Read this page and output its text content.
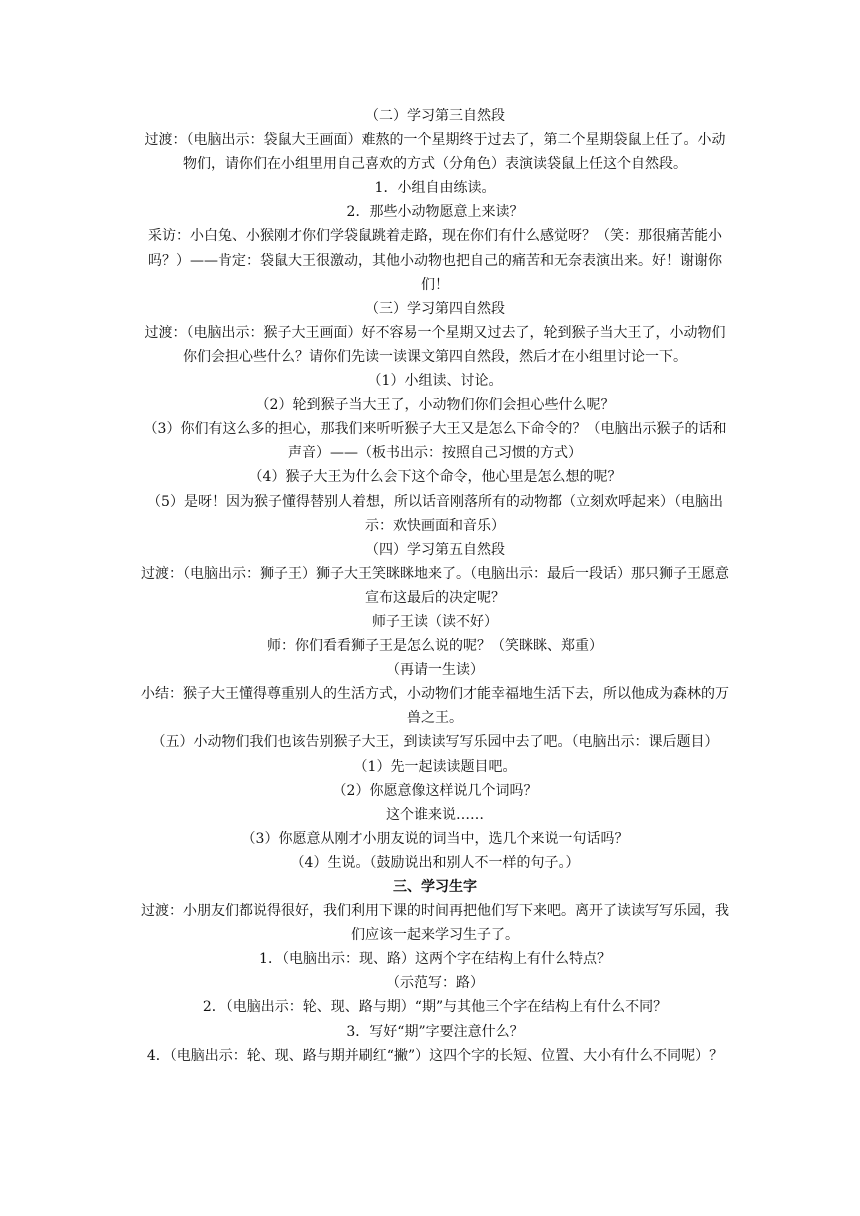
（二）学习第三自然段

过渡：（电脑出示：袋鼠大王画面）难熬的一个星期终于过去了，第二个星期袋鼠上任了。小动物们，请你们在小组里用自己喜欢的方式（分角色）表演读袋鼠上任这个自然段。

1．小组自由练读。

2．那些小动物愿意上来读？

采访：小白兔、小猴刚才你们学袋鼠跳着走路，现在你们有什么感觉呀？（笑：那很痛苦能小吗？）——肯定：袋鼠大王很激动，其他小动物也把自己的痛苦和无奈表演出来。好！谢谢你们！

（三）学习第四自然段

过渡：（电脑出示：猴子大王画面）好不容易一个星期又过去了，轮到猴子当大王了，小动物们你们会担心些什么？请你们先读一读课文第四自然段，然后才在小组里讨论一下。

（1）小组读、讨论。

（2）轮到猴子当大王了，小动物们你们会担心些什么呢？

（3）你们有这么多的担心，那我们来听听猴子大王又是怎么下命令的？（电脑出示猴子的话和声音）——（板书出示：按照自己习惯的方式）

（4）猴子大王为什么会下这个命令，他心里是怎么想的呢？

（5）是呀！因为猴子懂得替别人着想，所以话音刚落所有的动物都（立刻欢呼起来）（电脑出示：欢快画面和音乐）

（四）学习第五自然段

过渡：（电脑出示：狮子王）狮子大王笑眯眯地来了。（电脑出示：最后一段话）那只狮子王愿意宣布这最后的决定呢？

师子王读（读不好）

师：你们看看狮子王是怎么说的呢？（笑眯眯、郑重）

（再请一生读）

小结：猴子大王懂得尊重别人的生活方式，小动物们才能幸福地生活下去，所以他成为森林的万兽之王。

（五）小动物们我们也该告别猴子大王，到读读写写乐园中去了吧。（电脑出示：课后题目）

（1）先一起读读题目吧。

（2）你愿意像这样说几个词吗？

这个谁来说……

（3）你愿意从刚才小朋友说的词当中，选几个来说一句话吗？

（4）生说。（鼓励说出和别人不一样的句子。）

三、学习生字

过渡：小朋友们都说得很好，我们利用下课的时间再把他们写下来吧。离开了读读写写乐园，我们应该一起来学习生子了。

1．（电脑出示：现、路）这两个字在结构上有什么特点？

（示范写：路）

2．（电脑出示：轮、现、路与期）“期”与其他三个字在结构上有什么不同？

3．写好“期”字要注意什么？

4．（电脑出示：轮、现、路与期并刷红“撇”）这四个字的长短、位置、大小有什么不同呢）？
